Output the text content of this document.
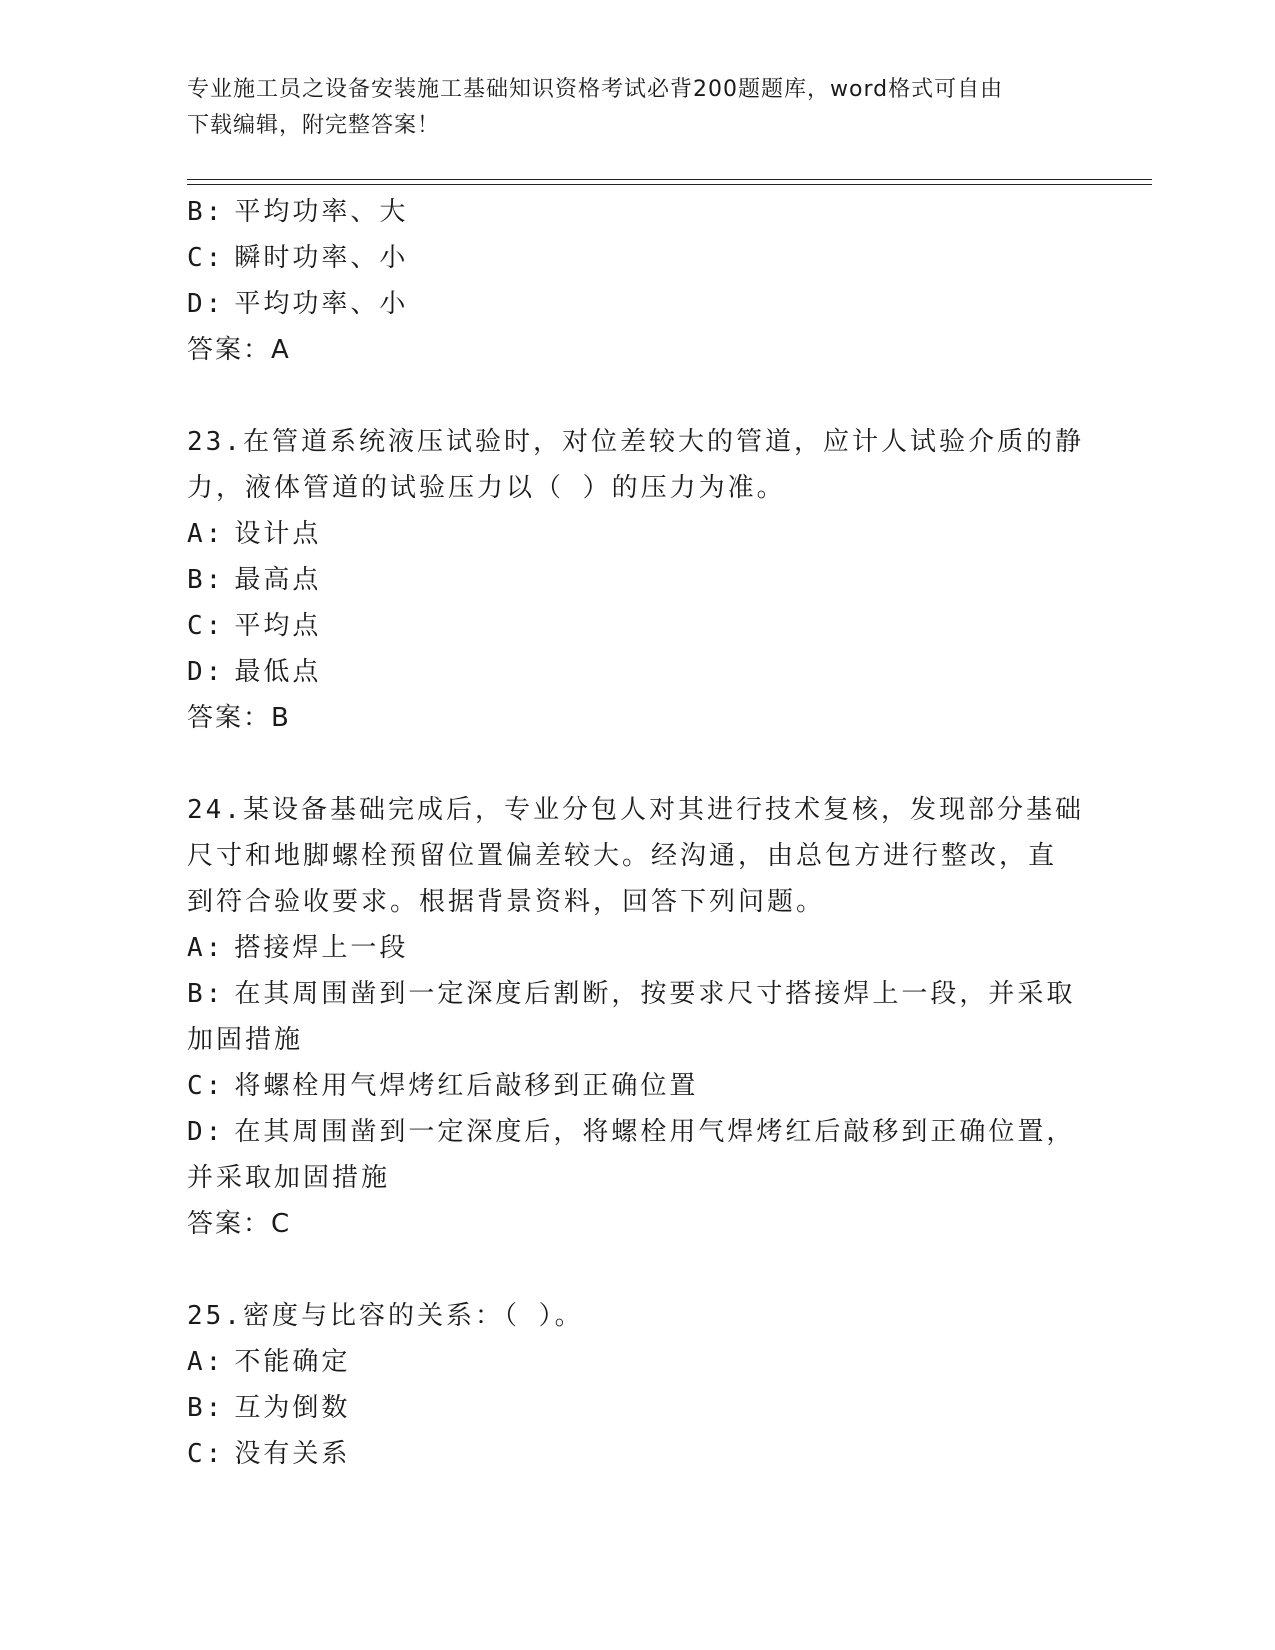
专业施工员之设备安装施工基础知识资格考试必背200题题库，word格式可自由
下载编辑，附完整答案！
B: 平均功率、大
C: 瞬时功率、小
D: 平均功率、小
答案：A
23.在管道系统液压试验时，对位差较大的管道，应计人试验介质的静
力，液体管道的试验压力以（ ）的压力为准。
A: 设计点
B: 最高点
C: 平均点
D: 最低点
答案：B
24.某设备基础完成后，专业分包人对其进行技术复核，发现部分基础
尺寸和地脚螺栓预留位置偏差较大。经沟通，由总包方进行整改，直
到符合验收要求。根据背景资料，回答下列问题。
A: 搭接焊上一段
B: 在其周围凿到一定深度后割断，按要求尺寸搭接焊上一段，并采取
加固措施
C: 将螺栓用气焊烤红后敲移到正确位置
D: 在其周围凿到一定深度后，将螺栓用气焊烤红后敲移到正确位置，
并采取加固措施
答案：C
25.密度与比容的关系：（ ）。
A: 不能确定
B: 互为倒数
C: 没有关系
